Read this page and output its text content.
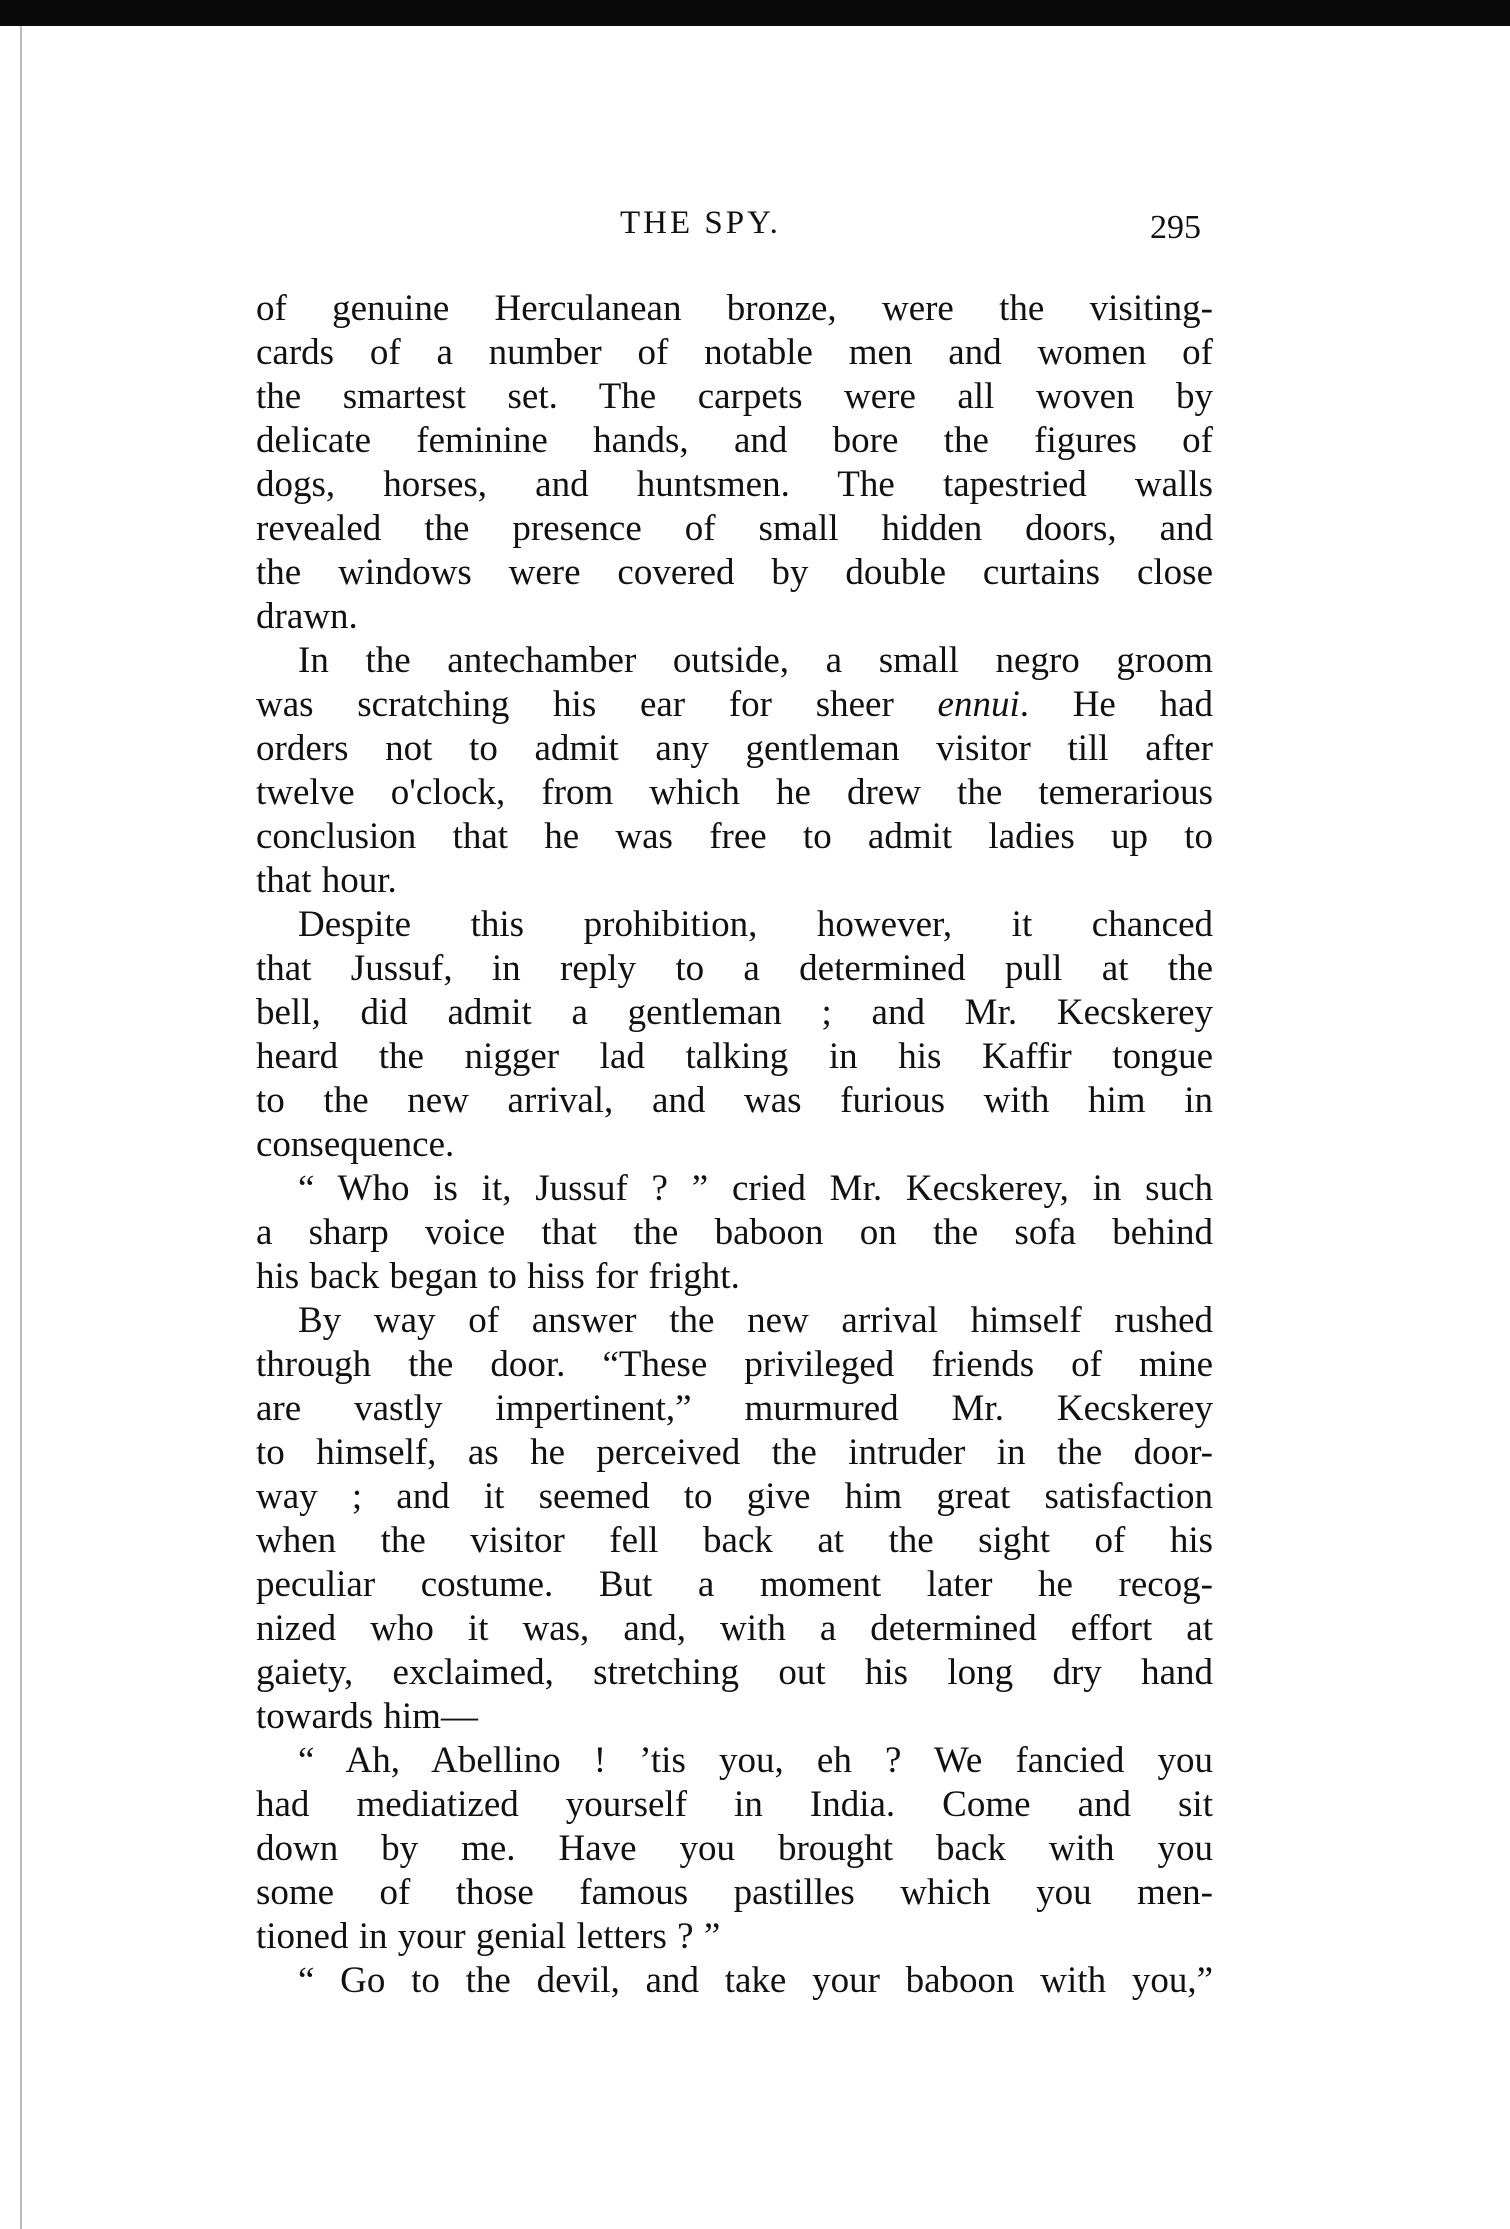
THE SPY.	295
of genuine Herculanean bronze, were the visiting-
cards of a number of notable men and women of
the smartest set. The carpets were all woven by
delicate feminine hands, and bore the figures of
dogs, horses, and huntsmen. The tapestried walls
revealed the presence of small hidden doors, and
the windows were covered by double curtains close
drawn.
In the antechamber outside, a small negro groom
was scratching his ear for sheer ennui. He had
orders not to admit any gentleman visitor till after
twelve o'clock, from which he drew the temerarious
conclusion that he was free to admit ladies up to
that hour.
Despite this prohibition, however, it chanced
that Jussuf, in reply to a determined pull at the
bell, did admit a gentleman ; and Mr. Kecskerey
heard the nigger lad talking in his Kaffir tongue
to the new arrival, and was furious with him in
consequence.
“ Who is it, Jussuf ? ” cried Mr. Kecskerey, in such
a sharp voice that the baboon on the sofa behind
his back began to hiss for fright.
By way of answer the new arrival himself rushed
through the door. “These privileged friends of mine
are vastly impertinent,” murmured Mr. Kecskerey
to himself, as he perceived the intruder in the door-
way ; and it seemed to give him great satisfaction
when the visitor fell back at the sight of his
peculiar costume. But a moment later he recog-
nized who it was, and, with a determined effort at
gaiety, exclaimed, stretching out his long dry hand
towards him—
“ Ah, Abellino ! ’tis you, eh ? We fancied you
had mediatized yourself in India. Come and sit
down by me. Have you brought back with you
some of those famous pastilles which you men-
tioned in your genial letters ? ”
“ Go to the devil, and take your baboon with you,”
